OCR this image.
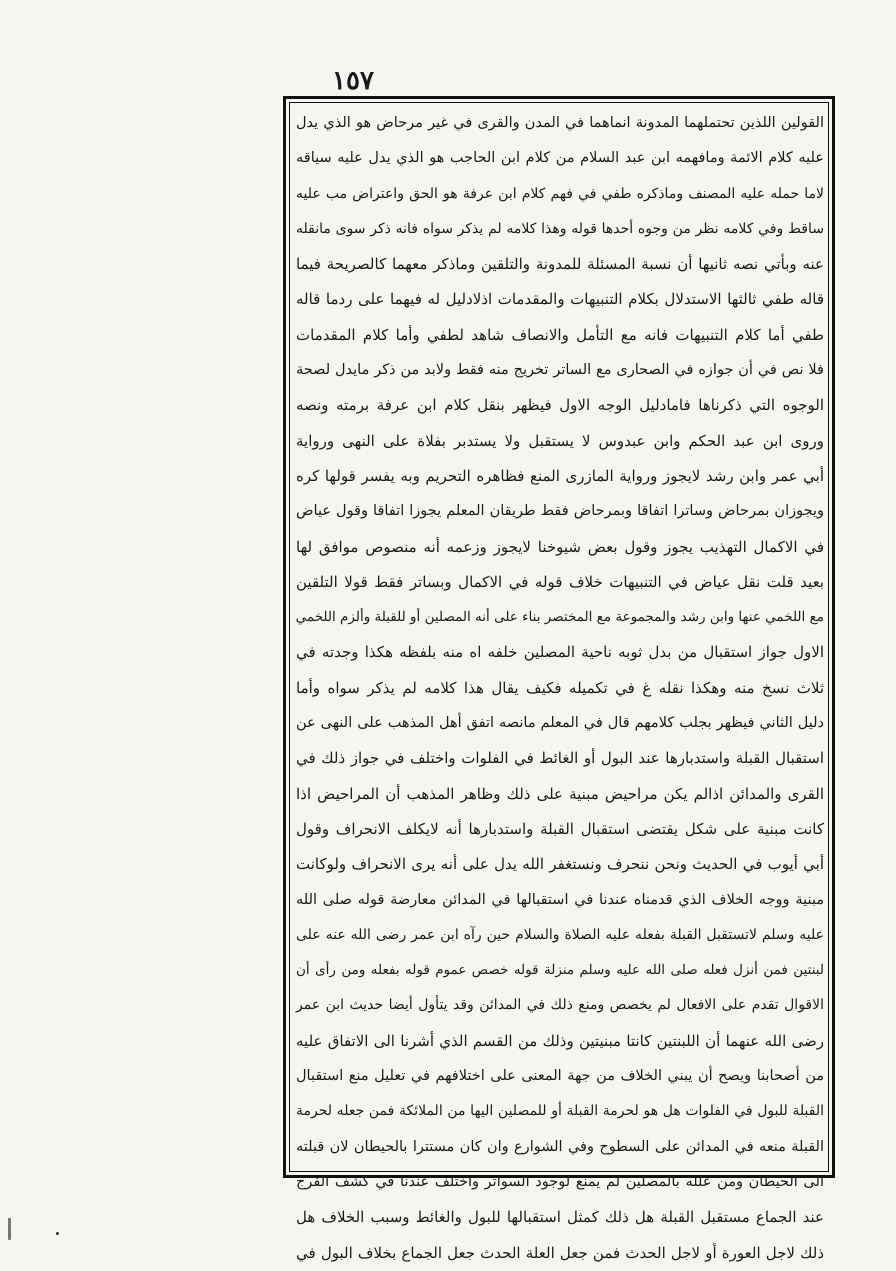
١٥٧
القولين اللذين تحتملهما المدونة انماهما في المدن والقرى في غير مرحاض هو الذي يدل
عليه كلام الائمة ومافهمه ابن عبد السلام من كلام ابن الحاجب هو الذي يدل عليه سياقه
لاما حمله عليه المصنف وماذكره طفي في فهم كلام ابن عرفة هو الحق واعتراض مب عليه
ساقط وفي كلامه نظر من وجوه أحدها قوله وهذا كلامه لم يذكر سواه فانه ذكر سوى مانقله
عنه وبأتي نصه ثانيها أن نسبة المسئلة للمدونة والتلقين وماذكر معهما كالصريحة فيما
قاله طفي ثالثها الاستدلال بكلام التنبيهات والمقدمات اذلادليل له فيهما على ردما قاله
طفي أما كلام التنبيهات فانه مع التأمل والانصاف شاهد لطفي وأما كلام المقدمات
فلا نص في أن جوازه في الصحارى مع الساتر تخريج منه فقط ولابد من ذكر مايدل لصحة
الوجوه التي ذكرناها فامادليل الوجه الاول فيظهر بنقل كلام ابن عرفة برمته ونصه
وروى ابن عبد الحكم وابن عبدوس لا يستقبل ولا يستدبر بفلاة على النهى ورواية
أبي عمر وابن رشد لايجوز ورواية المازرى المنع فظاهره التحريم وبه يفسر قولها كره
ويجوزان بمرحاض وساترا اتفاقا وبمرحاض فقط طريقان المعلم يجوزا اتفاقا وقول عياض
في الاكمال التهذيب يجوز وقول بعض شيوخنا لايجوز وزعمه أنه منصوص موافق لها
بعيد قلت نقل عياض في التنبيهات خلاف قوله في الاكمال وبساتر فقط قولا التلقين
مع اللخمي عنها وابن رشد والمجموعة مع المختصر بناء على أنه المصلين أو للقبلة وألزم اللخمي
الاول جواز استقبال من بدل ثوبه ناحية المصلين خلفه اه منه بلفظه هكذا وجدته في
ثلاث نسخ منه وهكذا نقله غ في تكميله فكيف يقال هذا كلامه لم يذكر سواه وأما
دليل الثاني فيظهر بجلب كلامهم قال في المعلم مانصه اتفق أهل المذهب على النهى عن
استقبال القبلة واستدبارها عند البول أو الغائط في الفلوات واختلف في جواز ذلك في
القرى والمدائن اذالم يكن مراحيض مبنية على ذلك وظاهر المذهب أن المراحيض اذا
كانت مبنية على شكل يقتضى استقبال القبلة واستدبارها أنه لايكلف الانحراف وقول
أبي أيوب في الحديث ونحن ننحرف ونستغفر الله يدل على أنه يرى الانحراف ولوكانت
مبنية ووجه الخلاف الذي قدمناه عندنا في استقبالها في المدائن معارضة قوله صلى الله
عليه وسلم لاتستقبل القبلة بفعله عليه الصلاة والسلام حين رآه ابن عمر رضى الله عنه على
لبنتين فمن أنزل فعله صلى الله عليه وسلم منزلة قوله خصص عموم قوله بفعله ومن رأى أن
الاقوال تقدم على الافعال لم يخصص ومنع ذلك في المدائن وقد يتأول أيضا حديث ابن عمر
رضى الله عنهما أن اللبنتين كانتا مبنيتين وذلك من القسم الذي أشرنا الى الاتفاق عليه
من أصحابنا ويصح أن يبني الخلاف من جهة المعنى على اختلافهم في تعليل منع استقبال
القبلة للبول في الفلوات هل هو لحرمة القبلة أو للمصلين اليها من الملائكة فمن جعله لحرمة
القبلة منعه في المدائن على السطوح وفي الشوارع وان كان مستترا بالحيطان لان قبلته
الى الحيطان ومن علله بالمصلين لم يمنع لوجود السواتر واختلف عندنا في كشف الفرج
عند الجماع مستقبل القبلة هل ذلك كمثل استقبالها للبول والغائط وسبب الخلاف هل
ذلك لاجل العورة أو لاجل الحدث فمن جعل العلة الحدث جعل الجماع بخلاف البول في
